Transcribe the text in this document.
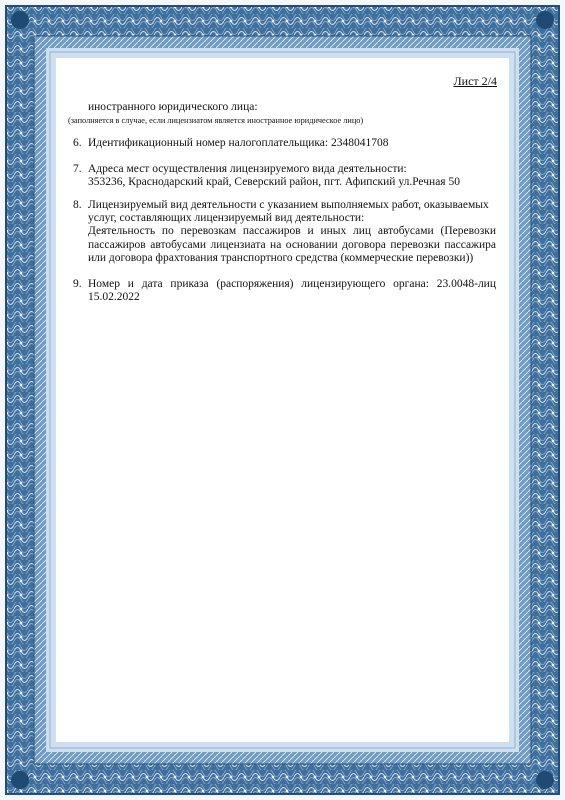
Лист 2/4
иностранного юридического лица:
(заполняется в случае, если лицензиатом является иностранное юридическое лицо)
6. Идентификационный номер налогоплательщика: 2348041708
7. Адреса мест осуществления лицензируемого вида деятельности:
353236, Краснодарский край, Северский район, пгт. Афипский ул.Речная 50
8. Лицензируемый вид деятельности с указанием выполняемых работ, оказываемых
услуг, составляющих лицензируемый вид деятельности:
Деятельность по перевозкам пассажиров и иных лиц автобусами (Перевозки пассажиров автобусами лицензиата на основании договора перевозки пассажира или договора фрахтования транспортного средства (коммерческие перевозки))
9. Номер и дата приказа (распоряжения) лицензирующего органа: 23.0048-лиц 15.02.2022
